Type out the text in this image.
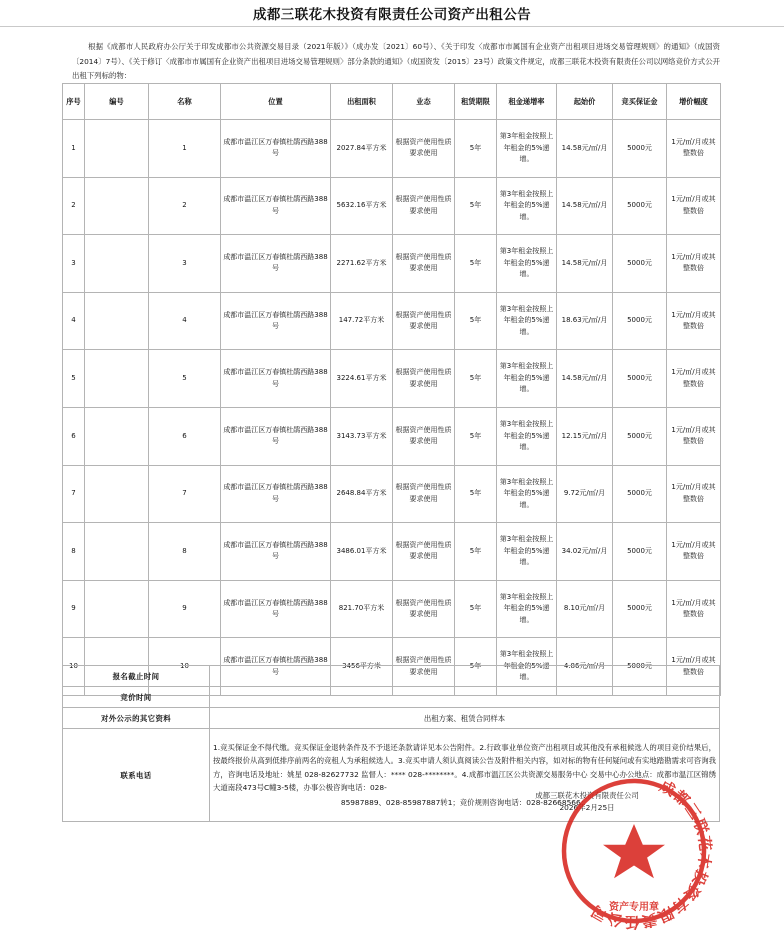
成都三联花木投资有限责任公司资产出租公告
根据《成都市人民政府办公厅关于印发成都市公共资源交易目录（2021年版）》（成办发〔2021〕60号）、《关于印发〈成都市市属国有企业资产出租项目进场交易管理规则〉的通知》（成国资〔2014〕7号）、《关于修订〈成都市市属国有企业资产出租项目进场交易管理规则〉部分条款的通知》（成国资发〔2015〕23号）政策文件规定，成都三联花木投资有限责任公司以网络竞价方式公开出租下列标的物：
序号	编号	名称	位置	出租面积	业态	租赁期限	租金递增率	起始价	竞买保证金	增价幅度
1		1	成都市温江区万春镇杜鹃西路388号	2027.84平方米	根据资产使用性质要求使用	5年	第3年租金按照上年租金的5%递增。	14.58元/㎡/月	5000元	1元/㎡/月或其整数倍
2		2	成都市温江区万春镇杜鹃西路388号	5632.16平方米	根据资产使用性质要求使用	5年	第3年租金按照上年租金的5%递增。	14.58元/㎡/月	5000元	1元/㎡/月或其整数倍
3		3	成都市温江区万春镇杜鹃西路388号	2271.62平方米	根据资产使用性质要求使用	5年	第3年租金按照上年租金的5%递增。	14.58元/㎡/月	5000元	1元/㎡/月或其整数倍
4		4	成都市温江区万春镇杜鹃西路388号	147.72平方米	根据资产使用性质要求使用	5年	第3年租金按照上年租金的5%递增。	18.63元/㎡/月	5000元	1元/㎡/月或其整数倍
5		5	成都市温江区万春镇杜鹃西路388号	3224.61平方米	根据资产使用性质要求使用	5年	第3年租金按照上年租金的5%递增。	14.58元/㎡/月	5000元	1元/㎡/月或其整数倍
6		6	成都市温江区万春镇杜鹃西路388号	3143.73平方米	根据资产使用性质要求使用	5年	第3年租金按照上年租金的5%递增。	12.15元/㎡/月	5000元	1元/㎡/月或其整数倍
7		7	成都市温江区万春镇杜鹃西路388号	2648.84平方米	根据资产使用性质要求使用	5年	第3年租金按照上年租金的5%递增。	9.72元/㎡/月	5000元	1元/㎡/月或其整数倍
8		8	成都市温江区万春镇杜鹃西路388号	3486.01平方米	根据资产使用性质要求使用	5年	第3年租金按照上年租金的5%递增。	34.02元/㎡/月	5000元	1元/㎡/月或其整数倍
9		9	成都市温江区万春镇杜鹃西路388号	821.70平方米	根据资产使用性质要求使用	5年	第3年租金按照上年租金的5%递增。	8.10元/㎡/月	5000元	1元/㎡/月或其整数倍
10		10	成都市温江区万春镇杜鹃西路388号	3456平方米	根据资产使用性质要求使用	5年	第3年租金按照上年租金的5%递增。	4.86元/㎡/月	5000元	1元/㎡/月或其整数倍
报名截止时间	
竞价时间	
对外公示的其它资料	出租方案、租赁合同样本
联系电话	1.竞买保证金不得代缴。竞买保证金退转条件及不予退还条款请详见本公告附件。2.行政事业单位资产出租项目或其他没有承租候选人的项目竞价结果后，按最终报价从高到低排序前两名的竞租人为承租候选人。3.竞买申请人须认真阅读公告及附件相关内容，如对标的物有任何疑问或有实地踏勘需求可咨询我方，咨询电话及地址：姚星 028-82627732 监督人：**** 028-********。4.成都市温江区公共资源交易服务中心 交易中心办公地点：成都市温江区锦绣大道南段473号C幢3-5楼，办事公极咨询电话：028-
85987889、028-85987887转1；竞价规则咨询电话：028-82668566；
成都三联花木投资有限责任公司
2026年2月25日
成都三联花木投资有限责任公司
资产专用章
